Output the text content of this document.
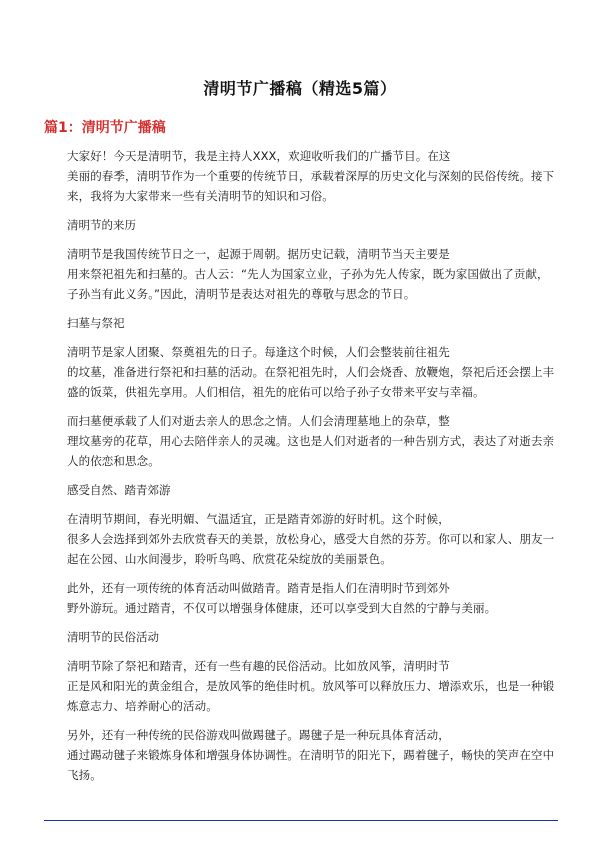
清明节广播稿（精选5篇）
篇1：清明节广播稿
大家好！今天是清明节，我是主持人XXX，欢迎收听我们的广播节目。在这
美丽的春季，清明节作为一个重要的传统节日，承载着深厚的历史文化与深刻的民俗传统。接下
来，我将为大家带来一些有关清明节的知识和习俗。
清明节的来历
清明节是我国传统节日之一，起源于周朝。据历史记载，清明节当天主要是
用来祭祀祖先和扫墓的。古人云：“先人为国家立业，子孙为先人传家，既为家国做出了贡献，
子孙当有此义务。”因此，清明节是表达对祖先的尊敬与思念的节日。
扫墓与祭祀
清明节是家人团聚、祭奠祖先的日子。每逢这个时候，人们会整装前往祖先
的坟墓，准备进行祭祀和扫墓的活动。在祭祀祖先时，人们会烧香、放鞭炮，祭祀后还会摆上丰
盛的饭菜，供祖先享用。人们相信，祖先的庇佑可以给子孙子女带来平安与幸福。
而扫墓便承载了人们对逝去亲人的思念之情。人们会清理墓地上的杂草，整
理坟墓旁的花草，用心去陪伴亲人的灵魂。这也是人们对逝者的一种告别方式，表达了对逝去亲
人的依恋和思念。
感受自然、踏青郊游
在清明节期间，春光明媚、气温适宜，正是踏青郊游的好时机。这个时候，
很多人会选择到郊外去欣赏春天的美景，放松身心，感受大自然的芬芳。你可以和家人、朋友一
起在公园、山水间漫步，聆听鸟鸣、欣赏花朵绽放的美丽景色。
此外，还有一项传统的体育活动叫做踏青。踏青是指人们在清明时节到郊外
野外游玩。通过踏青，不仅可以增强身体健康，还可以享受到大自然的宁静与美丽。
清明节的民俗活动
清明节除了祭祀和踏青，还有一些有趣的民俗活动。比如放风筝，清明时节
正是风和阳光的黄金组合，是放风筝的绝佳时机。放风筝可以释放压力、增添欢乐，也是一种锻
炼意志力、培养耐心的活动。
另外，还有一种传统的民俗游戏叫做踢毽子。踢毽子是一种玩具体育活动，
通过踢动毽子来锻炼身体和增强身体协调性。在清明节的阳光下，踢着毽子，畅快的笑声在空中
飞扬。
